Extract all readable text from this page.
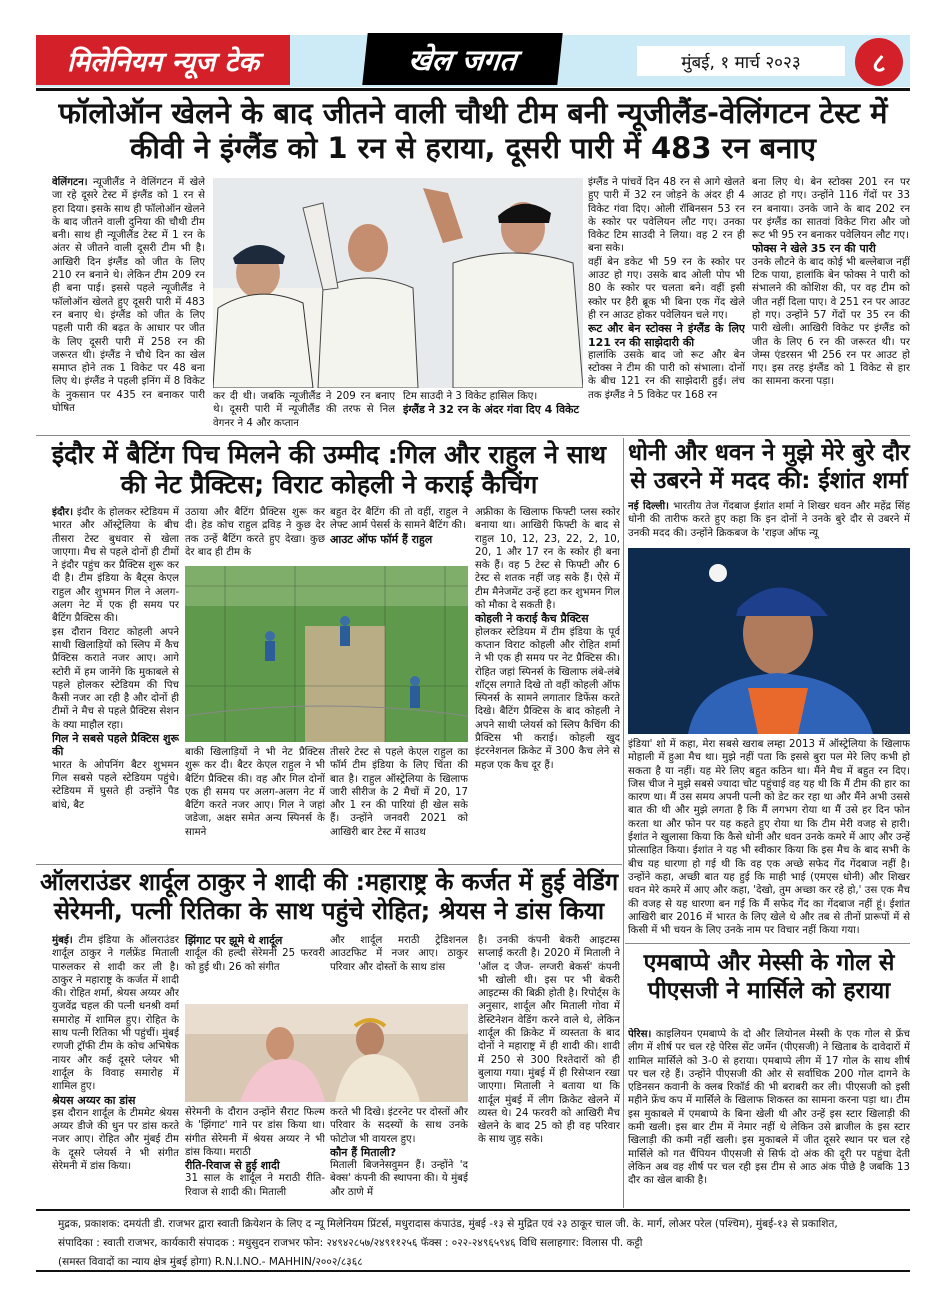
मिलेनियम न्यूज टेक	खेल जगत	मुंबई, १ मार्च २०२३	८
फॉलोऑन खेलने के बाद जीतने वाली चौथी टीम बनी न्यूजीलैंड-वेलिंगटन टेस्ट में
कीवी ने इंग्लैंड को 1 रन से हराया, दूसरी पारी में 483 रन बनाए

वेलिंगटन। न्यूजीलैंड ने वेलिंगटन में खेले जा रहे दूसरे टेस्ट में इंग्लैंड को 1 रन से हरा दिया। इसके साथ ही फॉलोऑन खेलने के बाद जीतने वाली दुनिया की चौथी टीम बनी। साथ ही न्यूजीलैंड टेस्ट में 1 रन के अंतर से जीतने वाली दूसरी टीम भी है। आखिरी दिन इंग्लैंड को जीत के लिए 210 रन बनाने थे। लेकिन टीम 209 रन ही बना पाई। इससे पहले न्यूजीलैंड ने फॉलोऑन खेलते हुए दूसरी पारी में 483 रन बनाए थे। इंग्लैंड को जीत के लिए पहली पारी की बढ़त के आधार पर जीत के लिए दूसरी पारी में 258 रन की जरूरत थी। इंग्लैंड ने चौथे दिन का खेल समाप्त होने तक 1 विकेट पर 48 बना लिए थे। इंग्लैंड ने पहली इनिंग में 8 विकेट के नुकसान पर 435 रन बनाकर पारी घोषित

कर दी थी। जबकि न्यूजीलैंड ने 209 रन बनाए थे। दूसरी पारी में न्यूजीलैंड की तरफ से निल वेगनर ने 4 और कप्तान

टिम साउदी ने 3 विकेट हासिल किए।

इंग्लैंड ने 32 रन के अंदर गंवा दिए 4 विकेट

इंग्लैंड ने पांचवें दिन 48 रन से आगे खेलते हुए पारी में 32 रन जोड़ने के अंदर ही 4 विकेट गंवा दिए। ओली रॉबिनसन 53 रन के स्कोर पर पवेलियन लौट गए। उनका विकेट टिम साउदी ने लिया। वह 2 रन ही बना सके।

वहीं बेन डकेट भी 59 रन के स्कोर पर आउट हो गए। उसके बाद ओली पोप भी 80 के स्कोर पर चलता बने। वहीं इसी स्कोर पर हैरी ब्रूक भी बिना एक गेंद खेले ही रन आउट होकर पवेलियन चले गए।

रूट और बेन स्टोक्स ने इंग्लैंड के लिए 121 रन की साझेदारी की

हालांकि उसके बाद जो रूट और बेन स्टोक्स ने टीम की पारी को संभाला। दोनों के बीच 121 रन की साझेदारी हुई। लंच तक इंग्लैंड ने 5 विकेट पर 168 रन

बना लिए थे। बेन स्टोक्स 201 रन पर आउट हो गए। उन्होंने 116 गेंदों पर 33 रन बनाया। उनके जाने के बाद 202 रन पर इंग्लैंड का सातवां विकेट गिरा और जो रूट भी 95 रन बनाकर पवेलियन लौट गए।

फोक्स ने खेले 35 रन की पारी

उनके लौटने के बाद कोई भी बल्लेबाज नहीं टिक पाया, हालांकि बेन फोक्स ने पारी को संभालने की कोशिश की, पर वह टीम को जीत नहीं दिला पाए। वे 251 रन पर आउट हो गए। उन्होंने 57 गेंदों पर 35 रन की पारी खेली। आखिरी विकेट पर इंग्लैंड को जीत के लिए 6 रन की जरूरत थी। पर जेम्स एंडरसन भी 256 रन पर आउट हो गए। इस तरह इंग्लैंड को 1 विकेट से हार का सामना करना पड़ा।

इंदौर में बैटिंग पिच मिलने की उम्मीद :गिल और राहुल ने साथ
की नेट प्रैक्टिस; विराट कोहली ने कराई कैचिंग

इंदौर। इंदौर के होलकर स्टेडियम में भारत और ऑस्ट्रेलिया के बीच तीसरा टेस्ट बुधवार से खेला जाएगा। मैच से पहले दोनों ही टीमों ने इंदौर पहुंच कर प्रैक्टिस शुरू कर दी है। टीम इंडिया के बैट्स केएल राहुल और शुभमन गिल ने अलग-अलग नेट में एक ही समय पर बैटिंग प्रैक्टिस की।

इस दौरान विराट कोहली अपने साथी खिलाड़ियों को स्लिप में कैच प्रैक्टिस कराते नजर आए। आगे स्टोरी में हम जानेंगे कि मुकाबले से पहले होलकर स्टेडियम की पिच कैसी नजर आ रही है और दोनों ही टीमों ने मैच से पहले प्रैक्टिस सेशन के क्या माहौल रहा।

गिल ने सबसे पहले प्रैक्टिस शुरू की

भारत के ओपनिंग बैटर शुभमन गिल सबसे पहले स्टेडियम पहुंचे। स्टेडियम में घुसते ही उन्होंने पैड बांधे, बैट

उठाया और बैटिंग प्रैक्टिस शुरू कर दी। हेड कोच राहुल द्रविड़ ने कुछ देर तक उन्हें बैटिंग करते हुए देखा। कुछ देर बाद ही टीम के

बहुत देर बैटिंग की तो वहीं, राहुल ने लेफ्ट आर्म पेसर्स के सामने बैटिंग की।

आउट ऑफ फॉर्म हैं राहुल

बाकी खिलाड़ियों ने भी नेट प्रैक्टिस शुरू कर दी। बैटर केएल राहुल ने भी बैटिंग प्रैक्टिस की। वह और गिल दोनों एक ही समय पर अलग-अलग नेट में बैटिंग करते नजर आए। गिल ने जहां जडेजा, अक्षर समेत अन्य स्पिनर्स के सामने

तीसरे टेस्ट से पहले केएल राहुल का फॉर्म टीम इंडिया के लिए चिंता की बात है। राहुल ऑस्ट्रेलिया के खिलाफ जारी सीरीज के 2 मैचों में 20, 17 और 1 रन की पारियां ही खेल सके हैं। उन्होंने जनवरी 2021 को आखिरी बार टेस्ट में साउथ

अफ्रीका के खिलाफ फिफ्टी प्लस स्कोर बनाया था। आखिरी फिफ्टी के बाद से राहुल 10, 12, 23, 22, 2, 10, 20, 1 और 17 रन के स्कोर ही बना सके हैं। वह 5 टेस्ट से फिफ्टी और 6 टेस्ट से शतक नहीं जड़ सके हैं। ऐसे में टीम मैनेजमेंट उन्हें हटा कर शुभमन गिल को मौका दे सकती है।

कोहली ने कराई कैच प्रैक्टिस

होलकर स्टेडियम में टीम इंडिया के पूर्व कप्तान विराट कोहली और रोहित शर्मा ने भी एक ही समय पर नेट प्रैक्टिस की। रोहित जहां स्पिनर्स के खिलाफ लंबे-लंबे शॉट्स लगाते दिखे तो वहीं कोहली ऑफ स्पिनर्स के सामने लगातार डिफेंस करते दिखे। बैटिंग प्रैक्टिस के बाद कोहली ने अपने साथी प्लेयर्स को स्लिप कैचिंग की प्रैक्टिस भी कराई। कोहली खुद इंटरनेशनल क्रिकेट में 300 कैच लेने से महज एक कैच दूर हैं।

धोनी और धवन ने मुझे मेरे बुरे दौर
से उबरने में मदद की: ईशांत शर्मा

नई दिल्ली। भारतीय तेज गेंदबाज ईशांत शर्मा ने शिखर धवन और महेंद्र सिंह धोनी की तारीफ करते हुए कहा कि इन दोनों ने उनके बुरे दौर से उबरने में उनकी मदद की। उन्होंने क्रिकबज के 'राइज ऑफ न्यू

इंडिया' शो में कहा, मेरा सबसे खराब लम्हा 2013 में ऑस्ट्रेलिया के खिलाफ मोहाली में हुआ मैच था। मुझे नहीं पता कि इससे बुरा पल मेरे लिए कभी हो सकता है या नहीं। यह मेरे लिए बहुत कठिन था। मैंने मैच में बहुत रन दिए। जिस चीज ने मुझे सबसे ज्यादा चोट पहुंचाई वह यह थी कि मैं टीम की हार का कारण था। मैं उस समय अपनी पत्नी को डेट कर रहा था और मैंने अभी उससे बात की थी और मुझे लगता है कि मैं लगभग रोया था मैं उसे हर दिन फोन करता था और फोन पर यह कहते हुए रोया था कि टीम मेरी वजह से हारी। ईशांत ने खुलासा किया कि कैसे धोनी और धवन उनके कमरे में आए और उन्हें प्रोत्साहित किया। ईशांत ने यह भी स्वीकार किया कि इस मैच के बाद सभी के बीच यह धारणा हो गई थी कि वह एक अच्छे सफेद गेंद गेंदबाज नहीं है। उन्होंने कहा, अच्छी बात यह हुई कि माही भाई (एमएस धोनी) और शिखर धवन मेरे कमरे में आए और कहा, 'देखो, तुम अच्छा कर रहे हो,' उस एक मैच की वजह से यह धारणा बन गई कि मैं सफेद गेंद का गेंदबाज नहीं हूं। ईशांत आखिरी बार 2016 में भारत के लिए खेले थे और तब से तीनों प्रारूपों में से किसी में भी चयन के लिए उनके नाम पर विचार नहीं किया गया।

एमबाप्पे और मेस्सी के गोल से
पीएसजी ने मार्सिले को हराया

पेरिस। काइलियन एमबाप्पे के दो और लियोनल मेस्सी के एक गोल से फ्रेंच लीग में शीर्ष पर चल रहे पेरिस सेंट जर्मेन (पीएसजी) ने खिताब के दावेदारों में शामिल मार्सिले को 3-0 से हराया। एमबाप्पे लीग में 17 गोल के साथ शीर्ष पर चल रहे हैं। उन्होंने पीएसजी की ओर से सर्वाधिक 200 गोल दागने के एडिनसन कवानी के क्लब रिकॉर्ड की भी बराबरी कर ली। पीएसजी को इसी महीने फ्रेंच कप में मार्सिले के खिलाफ शिकस्त का सामना करना पड़ा था। टीम इस मुकाबले में एमबाप्पे के बिना खेली थी और उन्हें इस स्टार खिलाड़ी की कमी खली। इस बार टीम में नेमार नहीं थे लेकिन उसे ब्राजील के इस स्टार खिलाड़ी की कमी नहीं खली। इस मुकाबले में जीत दूसरे स्थान पर चल रहे मार्सिले को गत चैंपियन पीएसजी से सिर्फ दो अंक की दूरी पर पहुंचा देती लेकिन अब वह शीर्ष पर चल रही इस टीम से आठ अंक पीछे है जबकि 13 दौर का खेल बाकी है।

ऑलराउंडर शार्दूल ठाकुर ने शादी की :महाराष्ट्र के कर्जत में हुई वेडिंग
सेरेमनी, पत्नी रितिका के साथ पहुंचे रोहित; श्रेयस ने डांस किया

मुंबई। टीम इंडिया के ऑलराउंडर शार्दूल ठाकुर ने गर्लफ्रेंड मिताली पारुलकर से शादी कर ली है। ठाकुर ने महाराष्ट्र के कर्जत में शादी की। रोहित शर्मा, श्रेयस अय्यर और युजवेंद्र चहल की पत्नी धनश्री वर्मा समारोह में शामिल हुए। रोहित के साथ पत्नी रितिका भी पहुंचीं। मुंबई रणजी ट्रॉफी टीम के कोच अभिषेक नायर और कई दूसरे प्लेयर भी शार्दूल के विवाह समारोह में शामिल हुए।

श्रेयस अय्यर का डांस

इस दौरान शार्दूल के टीममेट श्रेयस अय्यर डीजे की धुन पर डांस करते नजर आए। रोहित और मुंबई टीम के दूसरे प्लेयर्स ने भी संगीत सेरेमनी में डांस किया।

झिंगाट पर झूमे थे शार्दूल

शार्दूल की हल्दी सेरेमनी 25 फरवरी को हुई थी। 26 को संगीत

और शार्दूल मराठी ट्रेडिशनल आउटफिट में नजर आए। ठाकुर परिवार और दोस्तों के साथ डांस

सेरेमनी के दौरान उन्होंने सैराट फिल्म के 'झिंगाट' गाने पर डांस किया था। संगीत सेरेमनी में श्रेयस अय्यर ने भी डांस किया। मराठी

रीति-रिवाज से हुई शादी

31 साल के शार्दूल ने मराठी रीति-रिवाज से शादी की। मिताली

करते भी दिखे। इंटरनेट पर दोस्तों और परिवार के सदस्यों के साथ उनके फोटोज भी वायरल हुए।

कौन हैं मिताली?

मिताली बिजनेसवुमन हैं। उन्होंने 'द बेक्स' कंपनी की स्थापना की। ये मुंबई और ठाणे में

है। उनकी कंपनी बेकरी आइटम्स सप्लाई करती है। 2020 में मिताली ने 'ऑल द जैज- लग्जरी बेकर्स' कंपनी भी खोली थी। इस पर भी बेकरी आइटम्स की बिक्री होती है। रिपोर्ट्स के अनुसार, शार्दूल और मिताली गोवा में डेस्टिनेशन वेडिंग करने वाले थे, लेकिन शार्दूल की क्रिकेट में व्यस्तता के बाद दोनों ने महाराष्ट्र में ही शादी की। शादी में 250 से 300 रिश्तेदारों को ही बुलाया गया। मुंबई में ही रिसेप्शन रखा जाएगा। मिताली ने बताया था कि शार्दूल मुंबई में लीग क्रिकेट खेलने में व्यस्त थे। 24 फरवरी को आखिरी मैच खेलने के बाद 25 को ही वह परिवार के साथ जुड़ सके।

मुद्रक, प्रकाशक: दमयंती डी. राजभर द्वारा स्वाती क्रियेशन के लिए द न्यू मिलेनियम प्रिंटर्स, मधुरादास कंपाउंड, मुंबई -१३ से मुद्रित एवं २३ ठाकूर चाल जी. के. मार्ग, लोअर परेल (पश्चिम), मुंबई-१३ से प्रकाशित,
संपादिका : स्वाती राजभर, कार्यकारी संपादक : मधुसुदन राजभर फोन: २४९४२८५७/२४९११२५६ फॅक्स : ०२२-२४९६५९४६ विधि सलाहगार: विलास पी. कट्टी
(समस्त विवादों का न्याय क्षेत्र मुंबई होगा) R.N.I.NO.- MAHHIN/२००२/८३६८
